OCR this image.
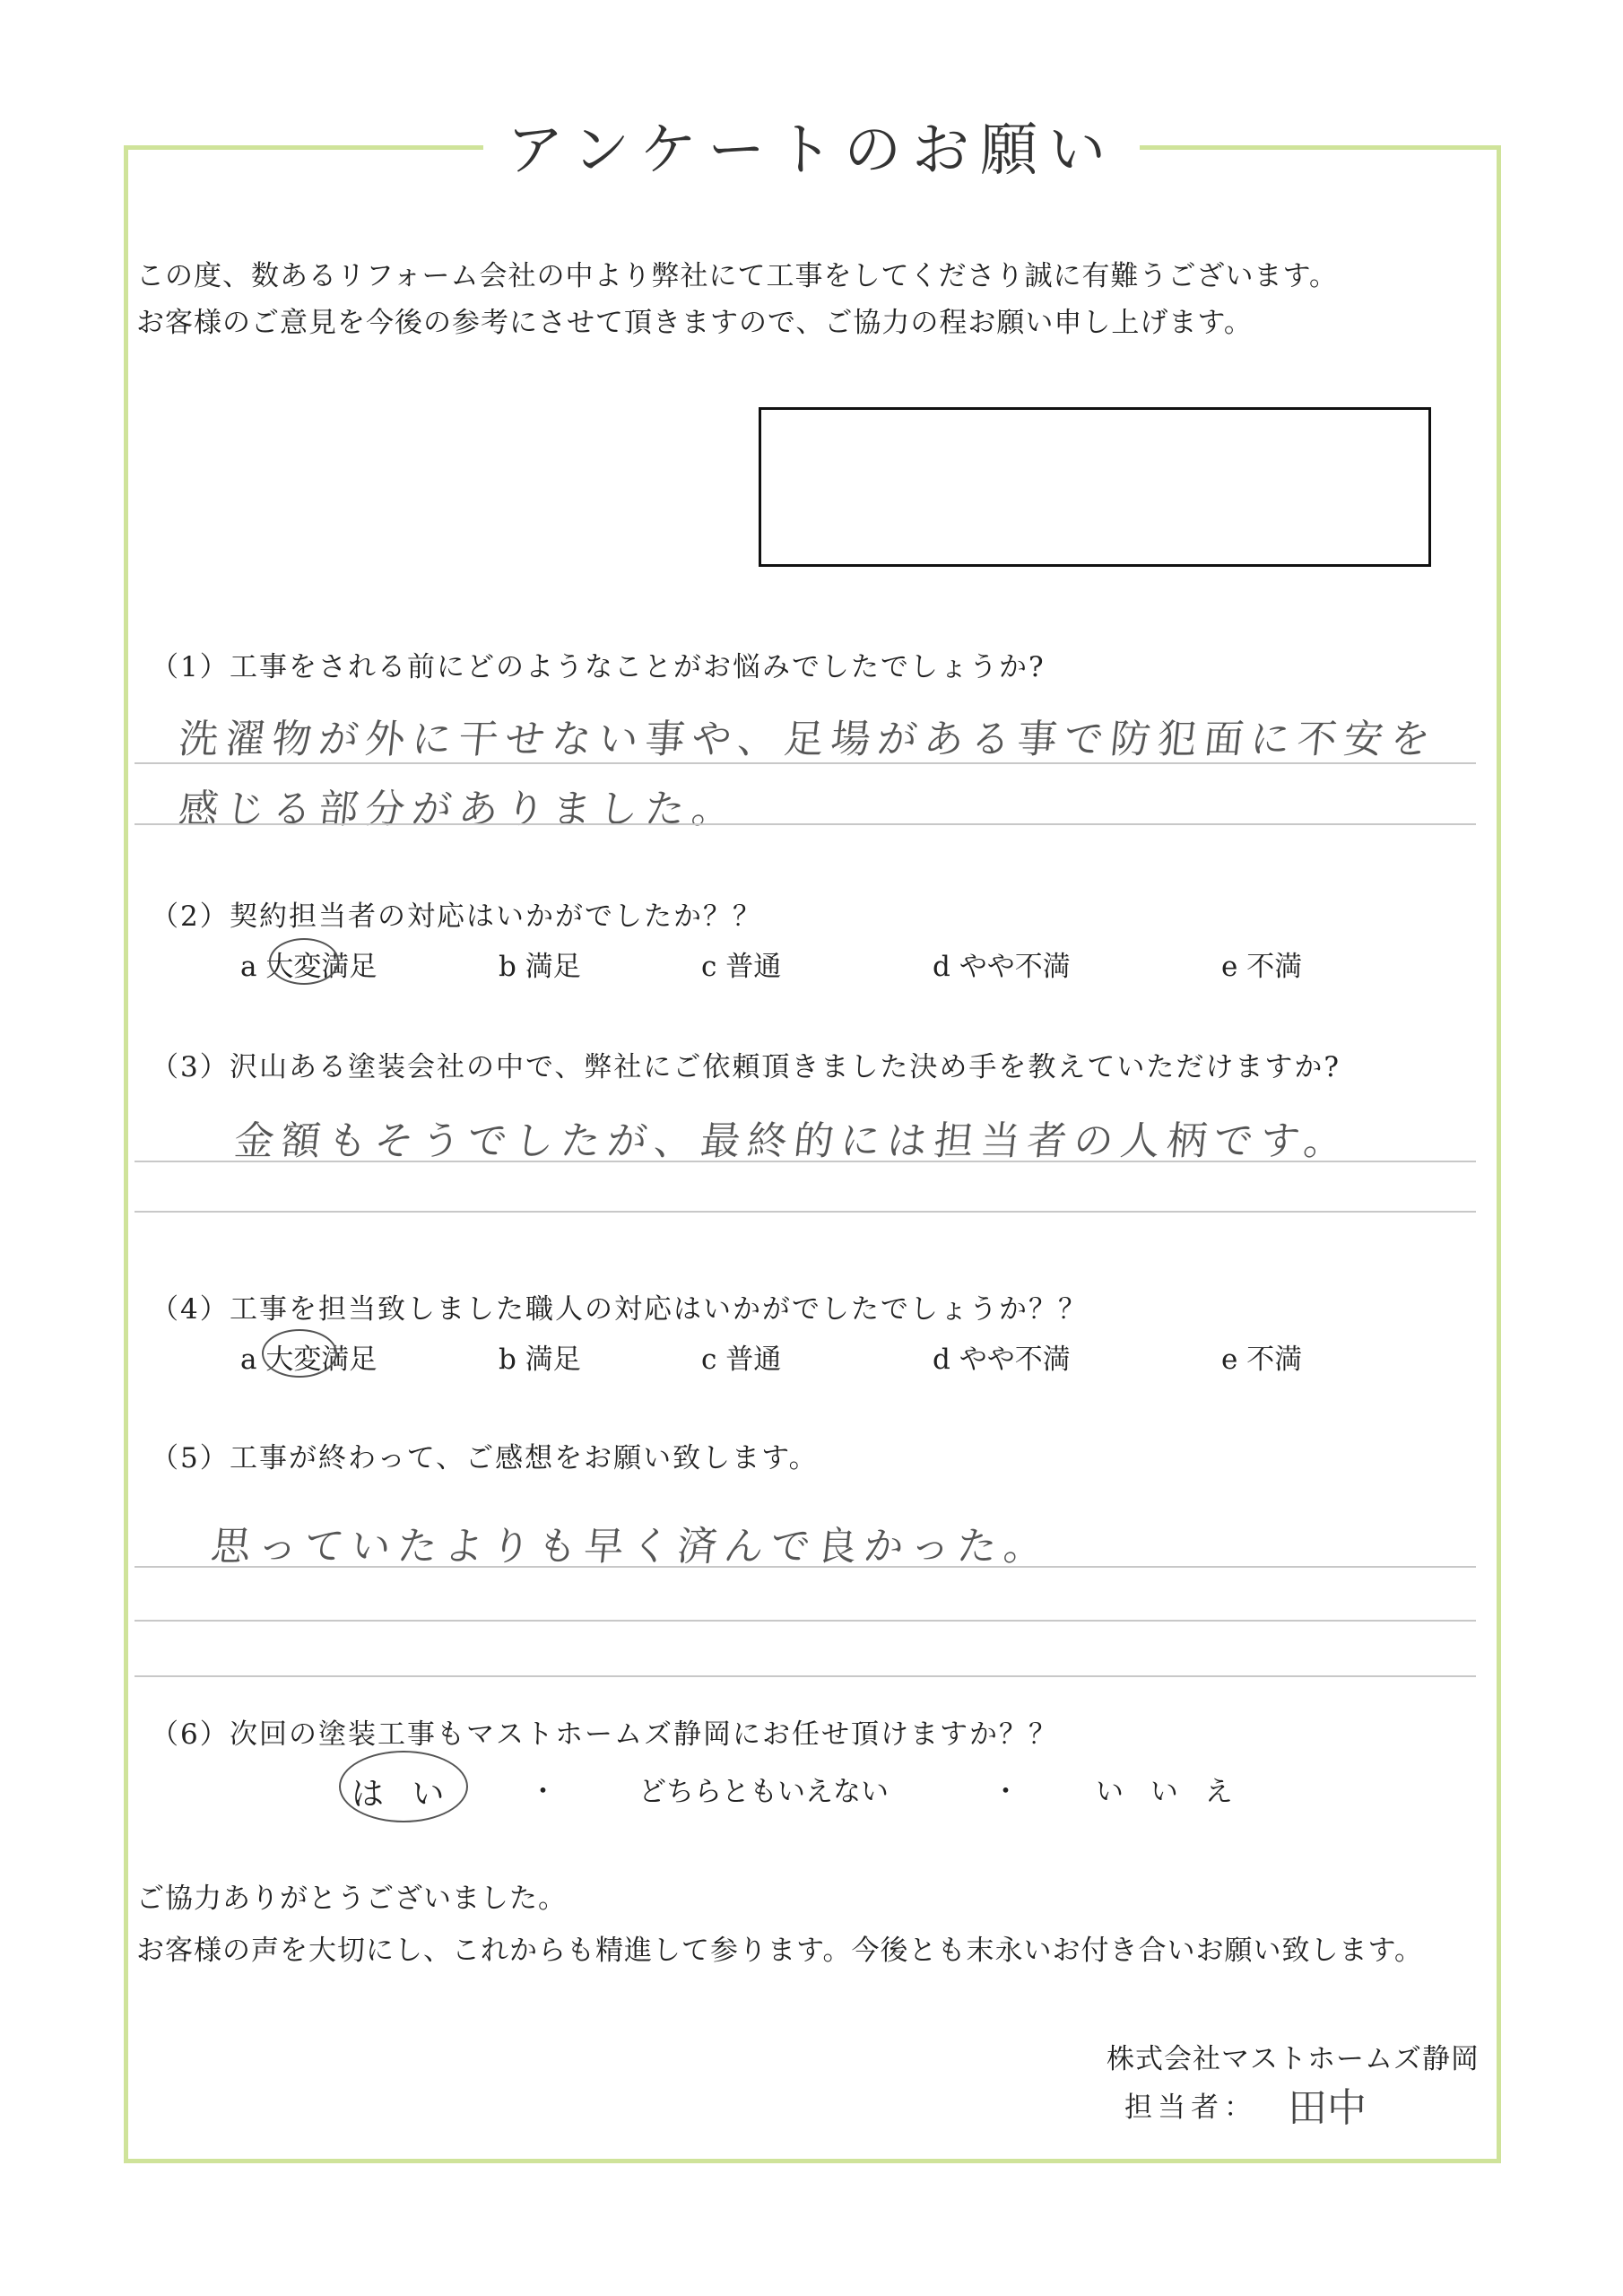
アンケートのお願い
この度、数あるリフォーム会社の中より弊社にて工事をしてくださり誠に有難うございます。
お客様のご意見を今後の参考にさせて頂きますので、ご協力の程お願い申し上げます。
（1）工事をされる前にどのようなことがお悩みでしたでしょうか?
洗濯物が外に干せない事や、足場がある事で防犯面に不安を
感じる部分がありました。
（2）契約担当者の対応はいかがでしたか？？
a 大変満足	b 満足	c 普通	d やや不満	e 不満
（3）沢山ある塗装会社の中で、弊社にご依頼頂きました決め手を教えていただけますか?
金額もそうでしたが、最終的には担当者の人柄です。
（4）工事を担当致しました職人の対応はいかがでしたでしょうか？？
a 大変満足	b 満足	c 普通	d やや不満	e 不満
（5）工事が終わって、ご感想をお願い致します。
思っていたよりも早く済んで良かった。
（6）次回の塗装工事もマストホームズ静岡にお任せ頂けますか？？
は い	・	どちらともいえない	・	い い え
ご協力ありがとうございました。
お客様の声を大切にし、これからも精進して参ります。今後とも末永いお付き合いお願い致します。
株式会社マストホームズ静岡
担当者： 田中
